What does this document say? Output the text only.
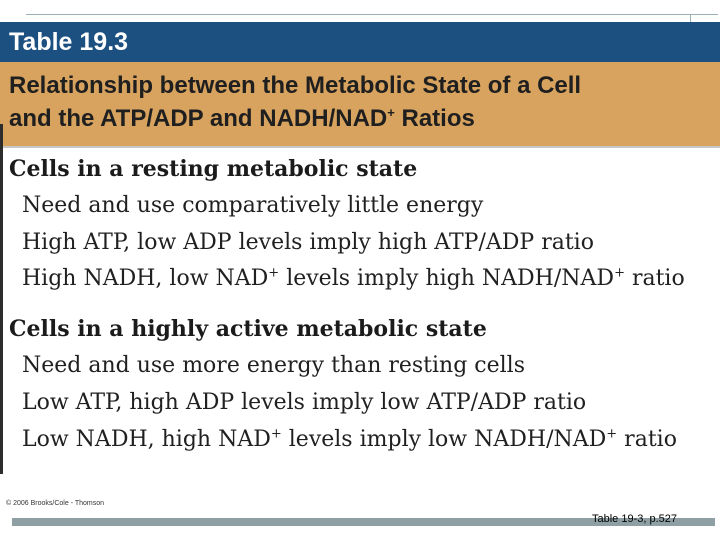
Table 19.3
Relationship between the Metabolic State of a Cell
and the ATP/ADP and NADH/NAD+ Ratios
Cells in a resting metabolic state
Need and use comparatively little energy
High ATP, low ADP levels imply high ATP/ADP ratio
High NADH, low NAD+ levels imply high NADH/NAD+ ratio
Cells in a highly active metabolic state
Need and use more energy than resting cells
Low ATP, high ADP levels imply low ATP/ADP ratio
Low NADH, high NAD+ levels imply low NADH/NAD+ ratio
© 2006 Brooks/Cole - Thomson
Table 19-3, p.527
